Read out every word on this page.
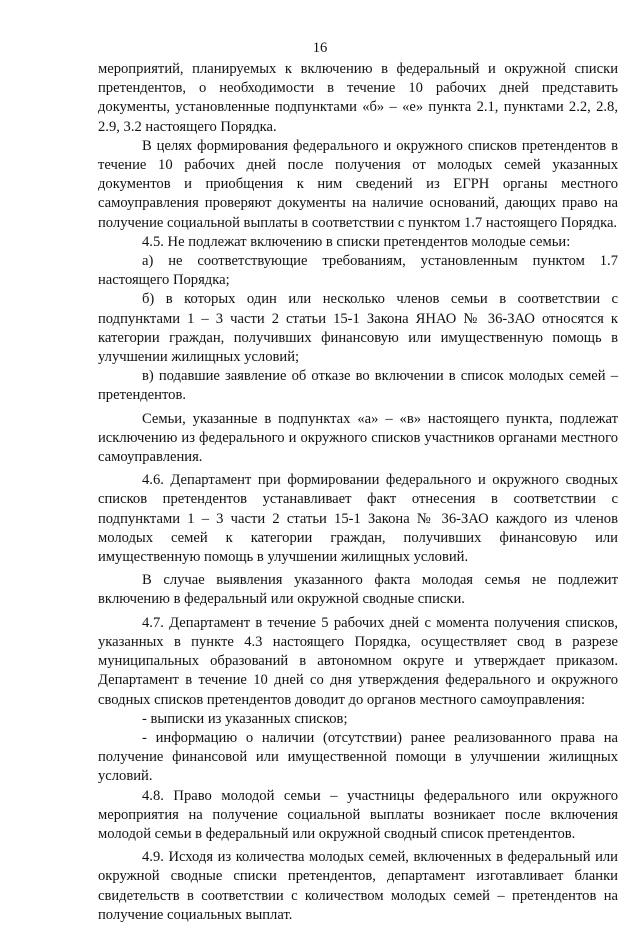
16

мероприятий, планируемых к включению в федеральный и окружной списки претендентов, о необходимости в течение 10 рабочих дней представить документы, установленные подпунктами «б» – «е» пункта 2.1, пунктами 2.2, 2.8, 2.9, 3.2 настоящего Порядка.

В целях формирования федерального и окружного списков претендентов в течение 10 рабочих дней после получения от молодых семей указанных документов и приобщения к ним сведений из ЕГРН органы местного самоуправления проверяют документы на наличие оснований, дающих право на получение социальной выплаты в соответствии с пунктом 1.7 настоящего Порядка.

4.5. Не подлежат включению в списки претендентов молодые семьи:

а) не соответствующие требованиям, установленным пунктом 1.7 настоящего Порядка;

б) в которых один или несколько членов семьи в соответствии с подпунктами 1 – 3 части 2 статьи 15-1 Закона ЯНАО № 36-ЗАО относятся к категории граждан, получивших финансовую или имущественную помощь в улучшении жилищных условий;

в) подавшие заявление об отказе во включении в список молодых семей – претендентов.

Семьи, указанные в подпунктах «а» – «в» настоящего пункта, подлежат исключению из федерального и окружного списков участников органами местного самоуправления.

4.6. Департамент при формировании федерального и окружного сводных списков претендентов устанавливает факт отнесения в соответствии с подпунктами 1 – 3 части 2 статьи 15-1 Закона № 36-ЗАО каждого из членов молодых семей к категории граждан, получивших финансовую или имущественную помощь в улучшении жилищных условий.

В случае выявления указанного факта молодая семья не подлежит включению в федеральный или окружной сводные списки.

4.7. Департамент в течение 5 рабочих дней с момента получения списков, указанных в пункте 4.3 настоящего Порядка, осуществляет свод в разрезе муниципальных образований в автономном округе и утверждает приказом. Департамент в течение 10 дней со дня утверждения федерального и окружного сводных списков претендентов доводит до органов местного самоуправления:

- выписки из указанных списков;

- информацию о наличии (отсутствии) ранее реализованного права на получение финансовой или имущественной помощи в улучшении жилищных условий.

4.8. Право молодой семьи – участницы федерального или окружного мероприятия на получение социальной выплаты возникает после включения молодой семьи в федеральный или окружной сводный список претендентов.

4.9. Исходя из количества молодых семей, включенных в федеральный или окружной сводные списки претендентов, департамент изготавливает бланки свидетельств в соответствии с количеством молодых семей – претендентов на получение социальных выплат.
